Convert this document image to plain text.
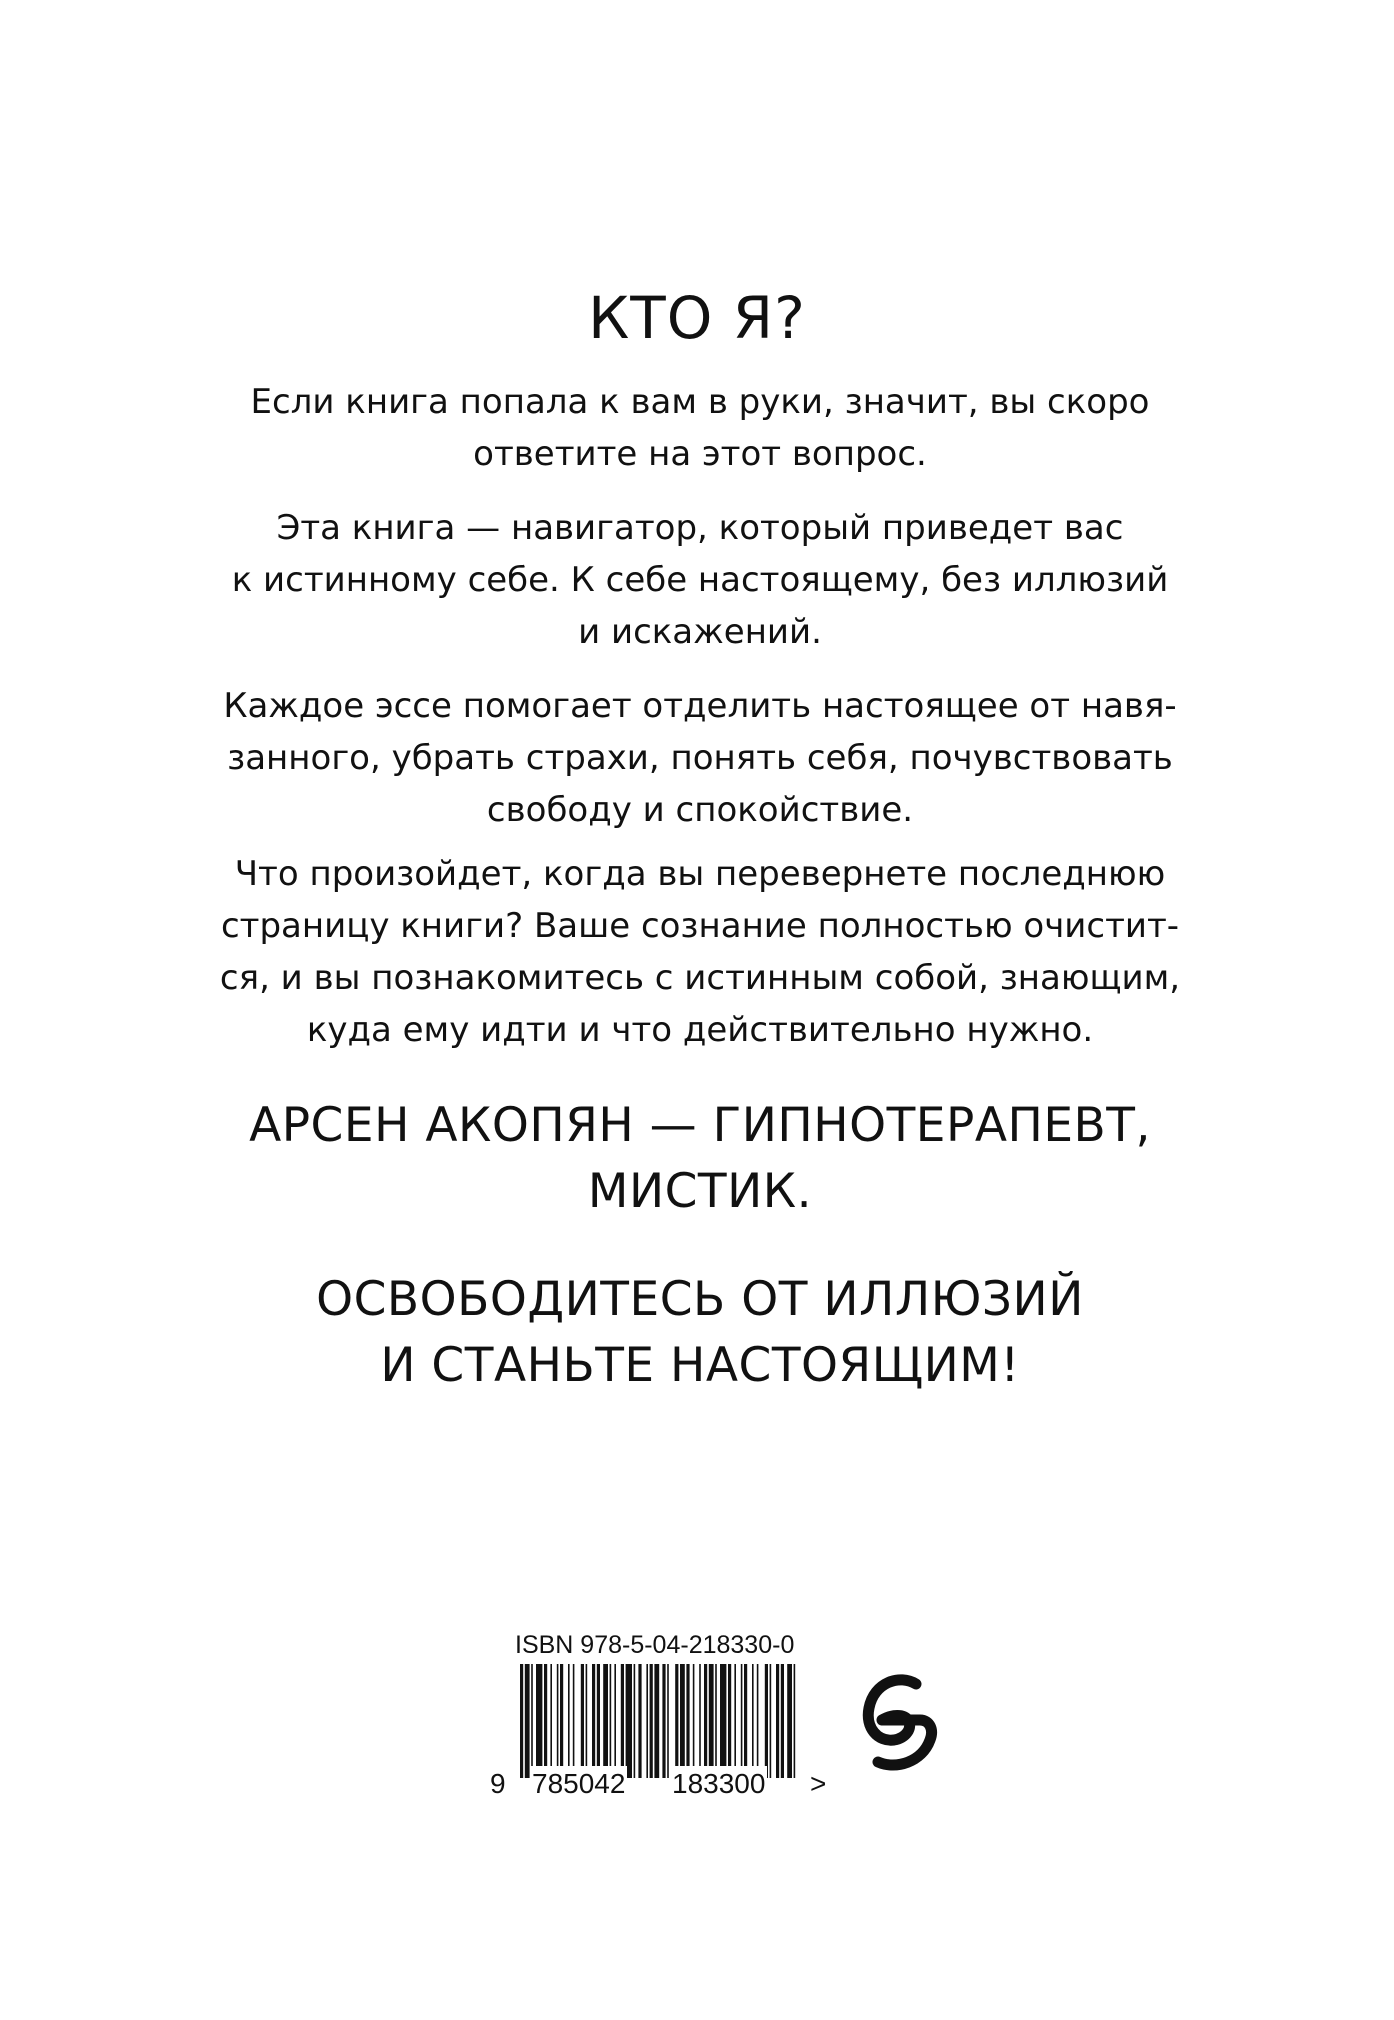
КТО Я?

Если книга попала к вам в руки, значит, вы скоро
ответите на этот вопрос.

Эта книга — навигатор, который приведет вас
к истинному себе. К себе настоящему, без иллюзий
и искажений.

Каждое эссе помогает отделить настоящее от навя-
занного, убрать страхи, понять себя, почувствовать
свободу и спокойствие.

Что произойдет, когда вы перевернете последнюю
страницу книги? Ваше сознание полностью очистит-
ся, и вы познакомитесь с истинным собой, знающим,
куда ему идти и что действительно нужно.

АРСЕН АКОПЯН — ГИПНОТЕРАПЕВТ,
МИСТИК.

ОСВОБОДИТЕСЬ ОТ ИЛЛЮЗИЙ
И СТАНЬТЕ НАСТОЯЩИМ!

ISBN 978-5-04-218330-0
9 785042 183300 >
